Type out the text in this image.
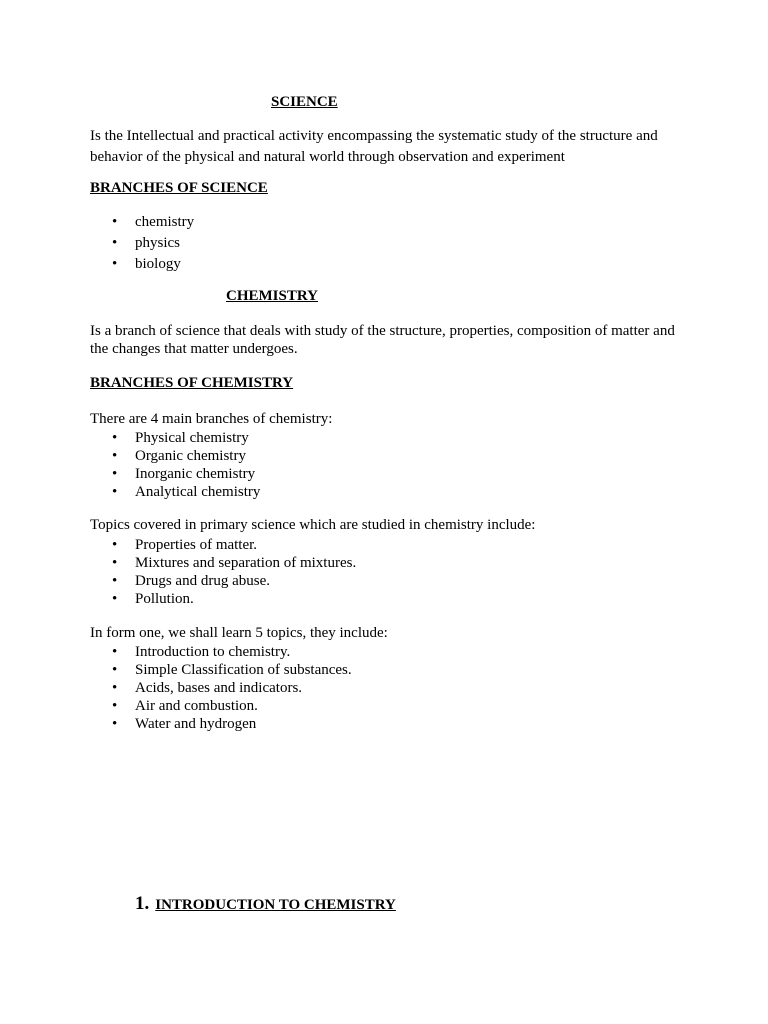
SCIENCE
Is the Intellectual and practical activity encompassing the systematic study of the structure and
behavior of the physical and natural world through observation and experiment
BRANCHES OF SCIENCE
• chemistry
• physics
• biology
CHEMISTRY
Is a branch of science that deals with study of the structure, properties, composition of matter and
the changes that matter undergoes.
BRANCHES OF CHEMISTRY
There are 4 main branches of chemistry:
• Physical chemistry
• Organic chemistry
• Inorganic chemistry
• Analytical chemistry
Topics covered in primary science which are studied in chemistry include:
• Properties of matter.
• Mixtures and separation of mixtures.
• Drugs and drug abuse.
• Pollution.
In form one, we shall learn 5 topics, they include:
• Introduction to chemistry.
• Simple Classification of substances.
• Acids, bases and indicators.
• Air and combustion.
• Water and hydrogen
1. INTRODUCTION TO CHEMISTRY
